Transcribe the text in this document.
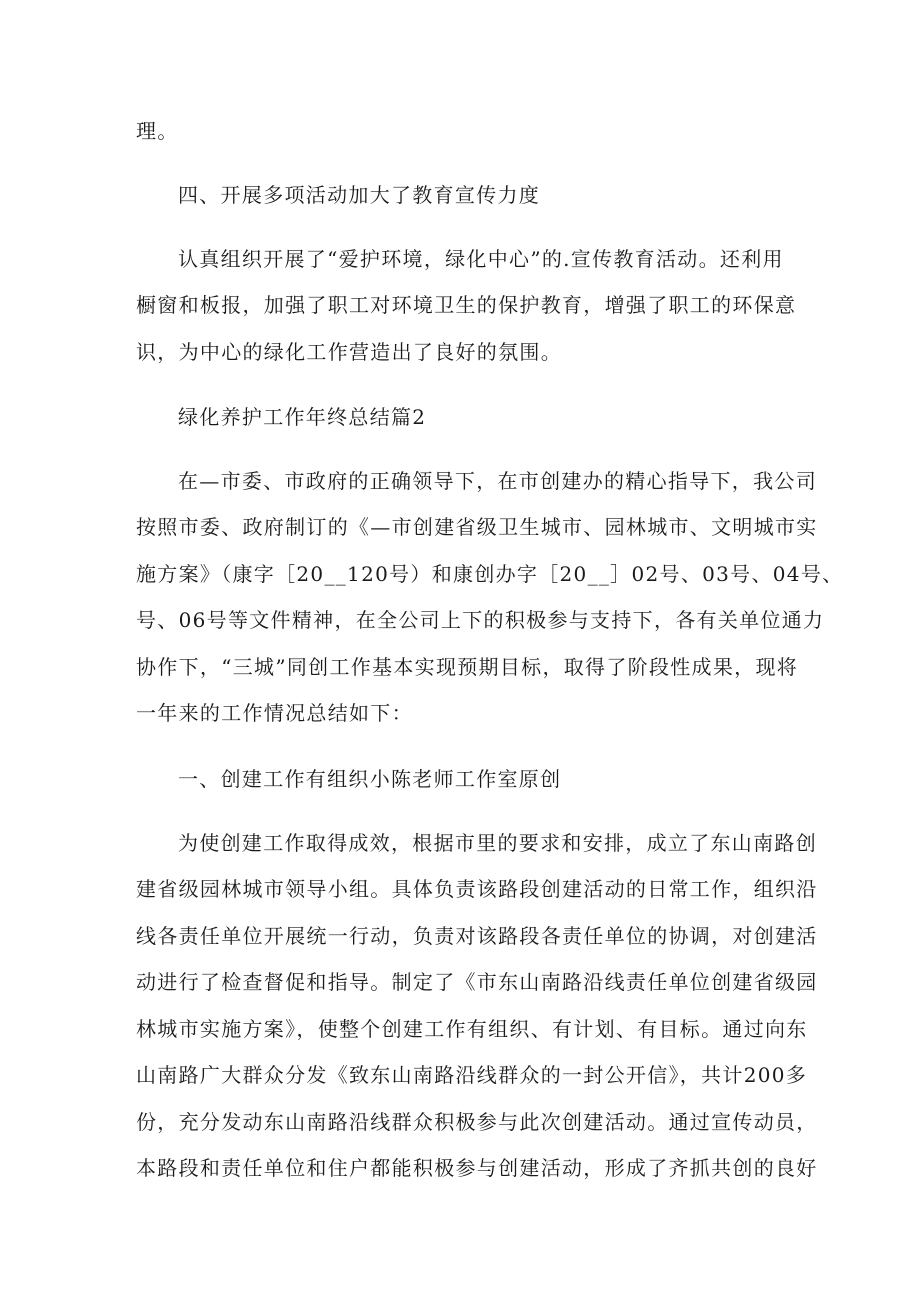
理。

四、开展多项活动加大了教育宣传力度

认真组织开展了“爱护环境，绿化中心”的.宣传教育活动。还利用

橱窗和板报，加强了职工对环境卫生的保护教育，增强了职工的环保意

识，为中心的绿化工作营造出了良好的氛围。

绿化养护工作年终总结篇2

在—市委、市政府的正确领导下，在市创建办的精心指导下，我公司

按照市委、政府制订的《—市创建省级卫生城市、园林城市、文明城市实

施方案》（康字［20__120号）和康创办字［20__］02号、03号、04号、

号、06号等文件精神，在全公司上下的积极参与支持下，各有关单位通力

协作下，“三城”同创工作基本实现预期目标，取得了阶段性成果，现将

一年来的工作情况总结如下：

一、创建工作有组织小陈老师工作室原创

为使创建工作取得成效，根据市里的要求和安排，成立了东山南路创

建省级园林城市领导小组。具体负责该路段创建活动的日常工作，组织沿

线各责任单位开展统一行动，负责对该路段各责任单位的协调，对创建活

动进行了检查督促和指导。制定了《市东山南路沿线责任单位创建省级园

林城市实施方案》，使整个创建工作有组织、有计划、有目标。通过向东

山南路广大群众分发《致东山南路沿线群众的一封公开信》，共计200多

份，充分发动东山南路沿线群众积极参与此次创建活动。通过宣传动员，

本路段和责任单位和住户都能积极参与创建活动，形成了齐抓共创的良好
